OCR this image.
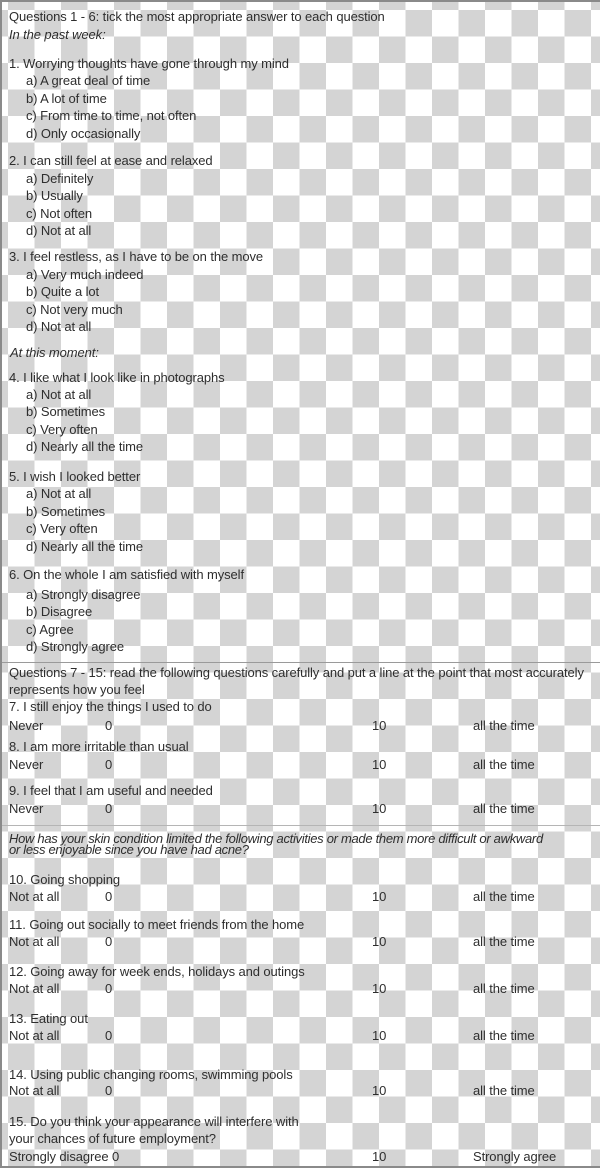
Questions 1 - 6: tick the most appropriate answer to each question
In the past week:
1. Worrying thoughts have gone through my mind
a) A great deal of time
b) A lot of time
c) From time to time, not often
d) Only occasionally
2. I can still feel at ease and relaxed
a) Definitely
b) Usually
c) Not often
d) Not at all
3. I feel restless, as I have to be on the move
a) Very much indeed
b) Quite a lot
c) Not very much
d) Not at all
At this moment:
4. I like what I look like in photographs
a) Not at all
b) Sometimes
c) Very often
d) Nearly all the time
5. I wish I looked better
a) Not at all
b) Sometimes
c) Very often
d) Nearly all the time
6. On the whole I am satisfied with myself
a) Strongly disagree
b) Disagree
c) Agree
d) Strongly agree
Questions 7 - 15: read the following questions carefully and put a line at the point that most accurately
represents how you feel
7. I still enjoy the things I used to do
Never	0	10	all the time
8. I am more irritable than usual
Never	0	10	all the time
9. I feel that I am useful and needed
Never	0	10	all the time
How has your skin condition limited the following activities or made them more difficult or awkward
or less enjoyable since you have had acne?
10. Going shopping
Not at all	0	10	all the time
11. Going out socially to meet friends from the home
Not at all	0	10	all the time
12. Going away for week ends, holidays and outings
Not at all	0	10	all the time
13. Eating out
Not at all	0	10	all the time
14. Using public changing rooms, swimming pools
Not at all	0	10	all the time
15. Do you think your appearance will interfere with
your chances of future employment?
Strongly disagree 0	10	Strongly agree
